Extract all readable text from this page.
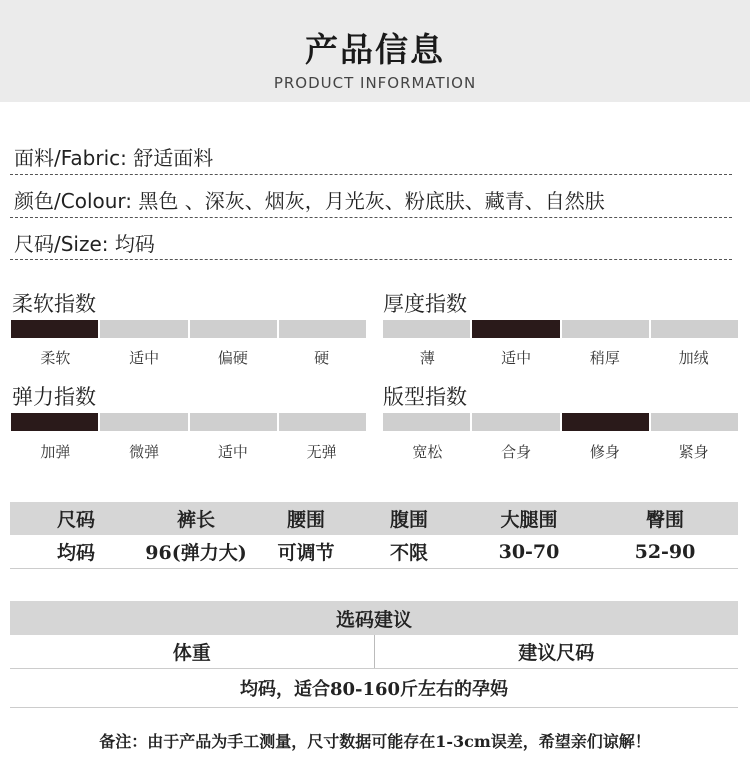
产品信息
PRODUCT INFORMATION
面料/Fabric: 舒适面料
颜色/Colour: 黑色 、深灰、烟灰，月光灰、粉底肤、藏青、自然肤
尺码/Size: 均码
柔软指数
柔软	适中	偏硬	硬
厚度指数
薄	适中	稍厚	加绒
弹力指数
加弹	微弹	适中	无弹
版型指数
宽松	合身	修身	紧身
尺码	裤长	腰围	腹围	大腿围	臀围
均码	96(弹力大)	可调节	不限	30-70	52-90
选码建议
体重	建议尺码
均码，适合80-160斤左右的孕妈
备注：由于产品为手工测量，尺寸数据可能存在1-3cm误差，希望亲们谅解！
